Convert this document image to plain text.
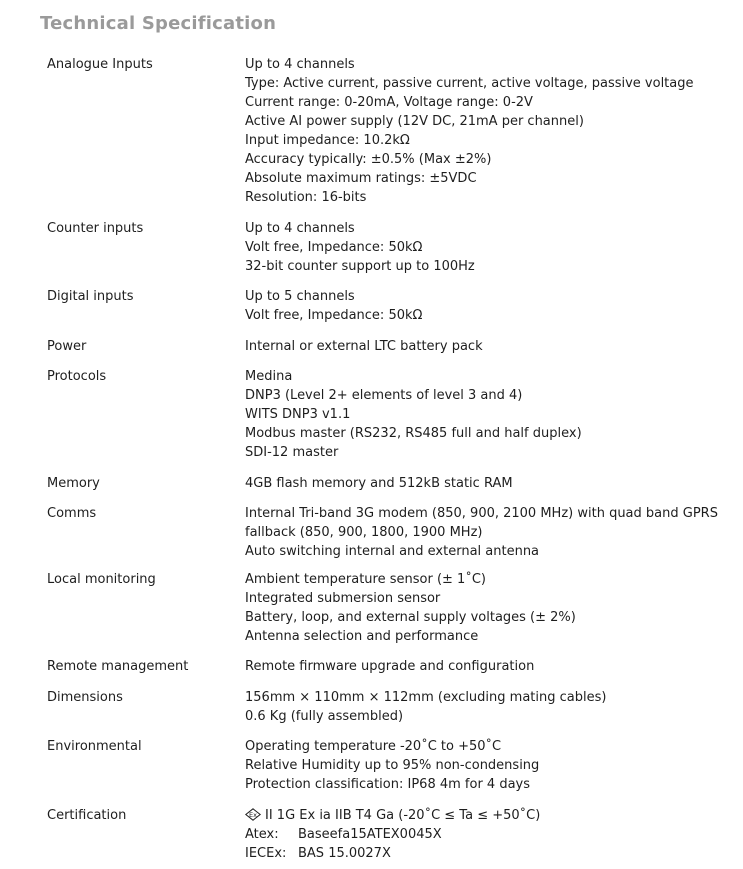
Technical Specification
Analogue Inputs	Up to 4 channels
Type: Active current, passive current, active voltage, passive voltage
Current range: 0-20mA, Voltage range: 0-2V
Active AI power supply (12V DC, 21mA per channel)
Input impedance: 10.2kΩ
Accuracy typically: ±0.5% (Max ±2%)
Absolute maximum ratings: ±5VDC
Resolution: 16-bits
Counter inputs	Up to 4 channels
Volt free, Impedance: 50kΩ
32-bit counter support up to 100Hz
Digital inputs	Up to 5 channels
Volt free, Impedance: 50kΩ
Power	Internal or external LTC battery pack
Protocols	Medina
DNP3 (Level 2+ elements of level 3 and 4)
WITS DNP3 v1.1
Modbus master (RS232, RS485 full and half duplex)
SDI-12 master
Memory	4GB flash memory and 512kB static RAM
Comms	Internal Tri-band 3G modem (850, 900, 2100 MHz) with quad band GPRS
fallback (850, 900, 1800, 1900 MHz)
Auto switching internal and external antenna
Local monitoring	Ambient temperature sensor (± 1˚C)
Integrated submersion sensor
Battery, loop, and external supply voltages (± 2%)
Antenna selection and performance
Remote management	Remote firmware upgrade and configuration
Dimensions	156mm × 110mm × 112mm (excluding mating cables)
0.6 Kg (fully assembled)
Environmental	Operating temperature -20˚C to +50˚C
Relative Humidity up to 95% non-condensing
Protection classification: IP68 4m for 4 days
Certification	Ex II 1G Ex ia IIB T4 Ga (-20˚C ≤ Ta ≤ +50˚C)
Atex: Baseefa15ATEX0045X
IECEx: BAS 15.0027X
